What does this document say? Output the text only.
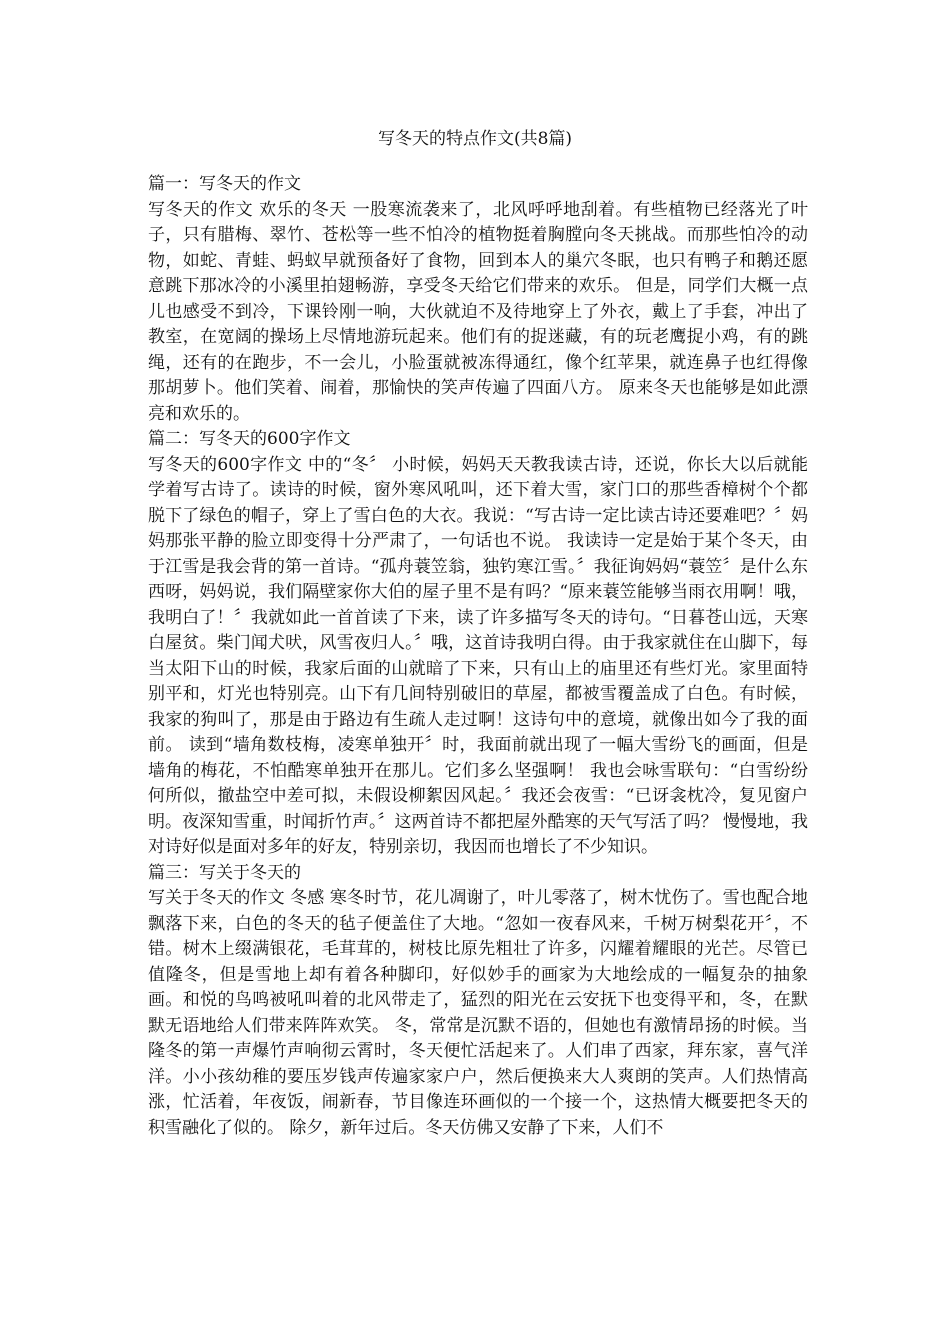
写冬天的特点作文(共8篇)

篇一：写冬天的作文

写冬天的作文 欢乐的冬天 一股寒流袭来了，北风呼呼地刮着。有些植物已经落光了叶子，只有腊梅、翠竹、苍松等一些不怕冷的植物挺着胸膛向冬天挑战。而那些怕冷的动物，如蛇、青蛙、蚂蚁早就预备好了食物，回到本人的巢穴冬眠，也只有鸭子和鹅还愿意跳下那冰冷的小溪里拍翅畅游，享受冬天给它们带来的欢乐。 但是，同学们大概一点儿也感受不到冷，下课铃刚一响，大伙就迫不及待地穿上了外衣，戴上了手套，冲出了教室，在宽阔的操场上尽情地游玩起来。他们有的捉迷藏，有的玩老鹰捉小鸡，有的跳绳，还有的在跑步，不一会儿，小脸蛋就被冻得通红，像个红苹果，就连鼻子也红得像那胡萝卜。他们笑着、闹着，那愉快的笑声传遍了四面八方。 原来冬天也能够是如此漂亮和欢乐的。

篇二：写冬天的600字作文

写冬天的600字作文 中的“冬〞 小时候，妈妈天天教我读古诗，还说，你长大以后就能学着写古诗了。读诗的时候，窗外寒风吼叫，还下着大雪，家门口的那些香樟树个个都脱下了绿色的帽子，穿上了雪白色的大衣。我说：“写古诗一定比读古诗还要难吧？〞妈妈那张平静的脸立即变得十分严肃了，一句话也不说。 我读诗一定是始于某个冬天，由于江雪是我会背的第一首诗。“孤舟蓑笠翁，独钓寒江雪。〞我征询妈妈“蓑笠〞是什么东西呀，妈妈说，我们隔壁家你大伯的屋子里不是有吗？“原来蓑笠能够当雨衣用啊！哦，我明白了！〞我就如此一首首读了下来，读了许多描写冬天的诗句。“日暮苍山远，天寒白屋贫。柴门闻犬吠，风雪夜归人。〞哦，这首诗我明白得。由于我家就住在山脚下，每当太阳下山的时候，我家后面的山就暗了下来，只有山上的庙里还有些灯光。家里面特别平和，灯光也特别亮。山下有几间特别破旧的草屋，都被雪覆盖成了白色。有时候，我家的狗叫了，那是由于路边有生疏人走过啊！这诗句中的意境，就像出如今了我的面前。 读到“墙角数枝梅，凌寒单独开〞时，我面前就出现了一幅大雪纷飞的画面，但是墙角的梅花，不怕酷寒单独开在那儿。它们多么坚强啊！ 我也会咏雪联句：“白雪纷纷何所似，撤盐空中差可拟，未假设柳絮因风起。〞我还会夜雪：“已讶衾枕冷，复见窗户明。夜深知雪重，时闻折竹声。〞这两首诗不都把屋外酷寒的天气写活了吗？ 慢慢地，我对诗好似是面对多年的好友，特别亲切，我因而也增长了不少知识。

篇三：写关于冬天的

写关于冬天的作文 冬感 寒冬时节，花儿凋谢了，叶儿零落了，树木忧伤了。雪也配合地飘落下来，白色的冬天的毡子便盖住了大地。“忽如一夜春风来，千树万树梨花开〞，不错。树木上缀满银花，毛茸茸的，树枝比原先粗壮了许多，闪耀着耀眼的光芒。尽管已值隆冬，但是雪地上却有着各种脚印，好似妙手的画家为大地绘成的一幅复杂的抽象画。和悦的鸟鸣被吼叫着的北风带走了，猛烈的阳光在云安抚下也变得平和，冬，在默默无语地给人们带来阵阵欢笑。 冬，常常是沉默不语的，但她也有激情昂扬的时候。当隆冬的第一声爆竹声响彻云霄时，冬天便忙活起来了。人们串了西家，拜东家，喜气洋洋。小小孩幼稚的要压岁钱声传遍家家户户，然后便换来大人爽朗的笑声。人们热情高涨，忙活着，年夜饭，闹新春，节目像连环画似的一个接一个，这热情大概要把冬天的积雪融化了似的。 除夕，新年过后。冬天仿佛又安静了下来，人们不
